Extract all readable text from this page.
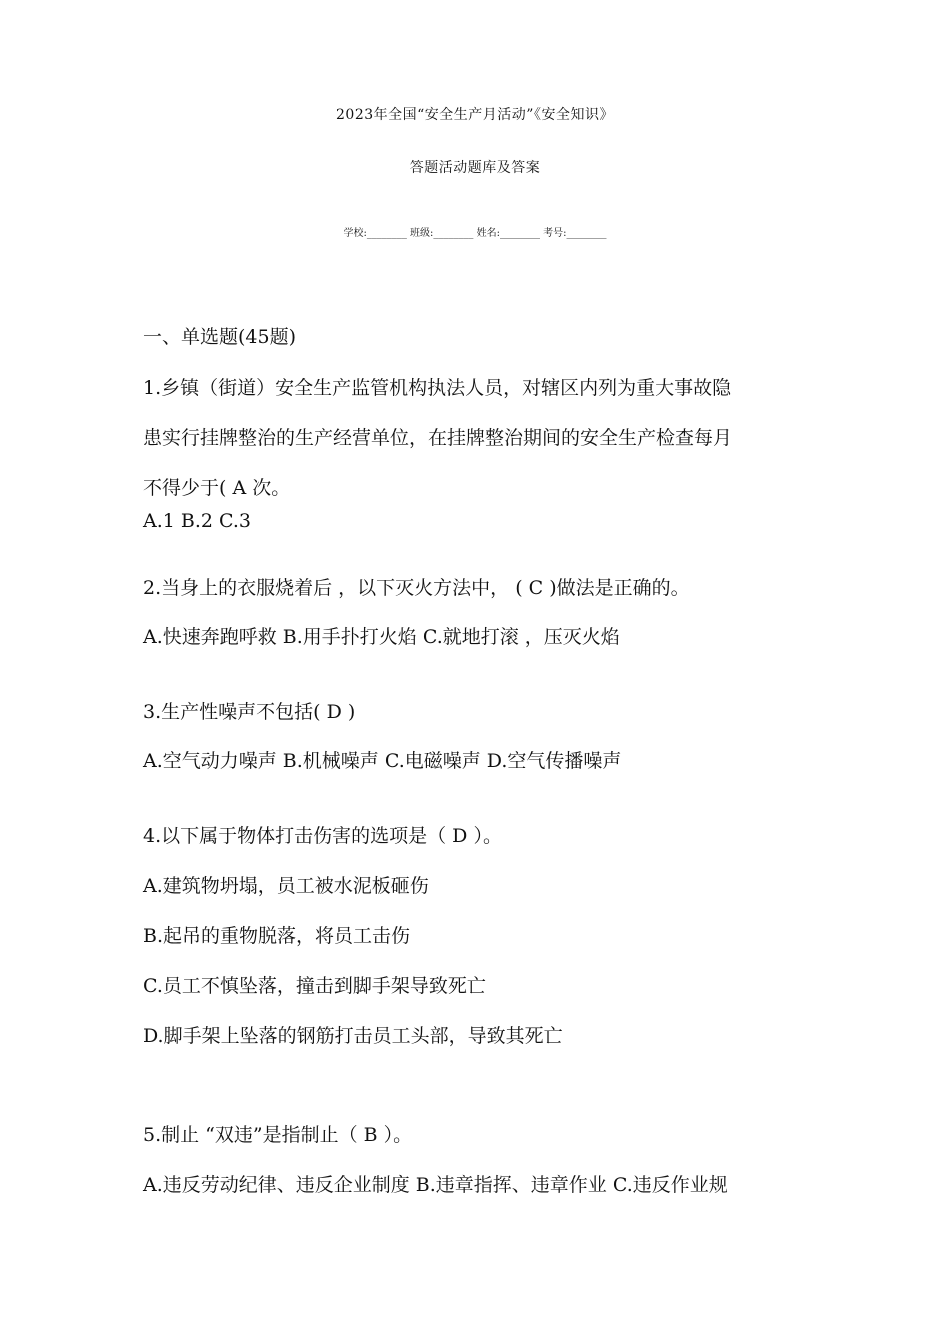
2023年全国“安全生产月活动”《安全知识》
答题活动题库及答案
学校:________ 班级:________ 姓名:________ 考号:________
一、单选题(45题)
1.乡镇（街道）安全生产监管机构执法人员，对辖区内列为重大事故隐
患实行挂牌整治的生产经营单位，在挂牌整治期间的安全生产检查每月
不得少于( A 次。
A.1 B.2 C.3
2.当身上的衣服烧着后 ，以下灭火方法中， ( C )做法是正确的。
A.快速奔跑呼救 B.用手扑打火焰 C.就地打滚 ，压灭火焰
3.生产性噪声不包括( D )
A.空气动力噪声 B.机械噪声 C.电磁噪声 D.空气传播噪声
4.以下属于物体打击伤害的选项是（ D ）。
A.建筑物坍塌，员工被水泥板砸伤
B.起吊的重物脱落，将员工击伤
C.员工不慎坠落，撞击到脚手架导致死亡
D.脚手架上坠落的钢筋打击员工头部，导致其死亡
5.制止 “双违”是指制止（ B ）。
A.违反劳动纪律、违反企业制度 B.违章指挥、违章作业 C.违反作业规
